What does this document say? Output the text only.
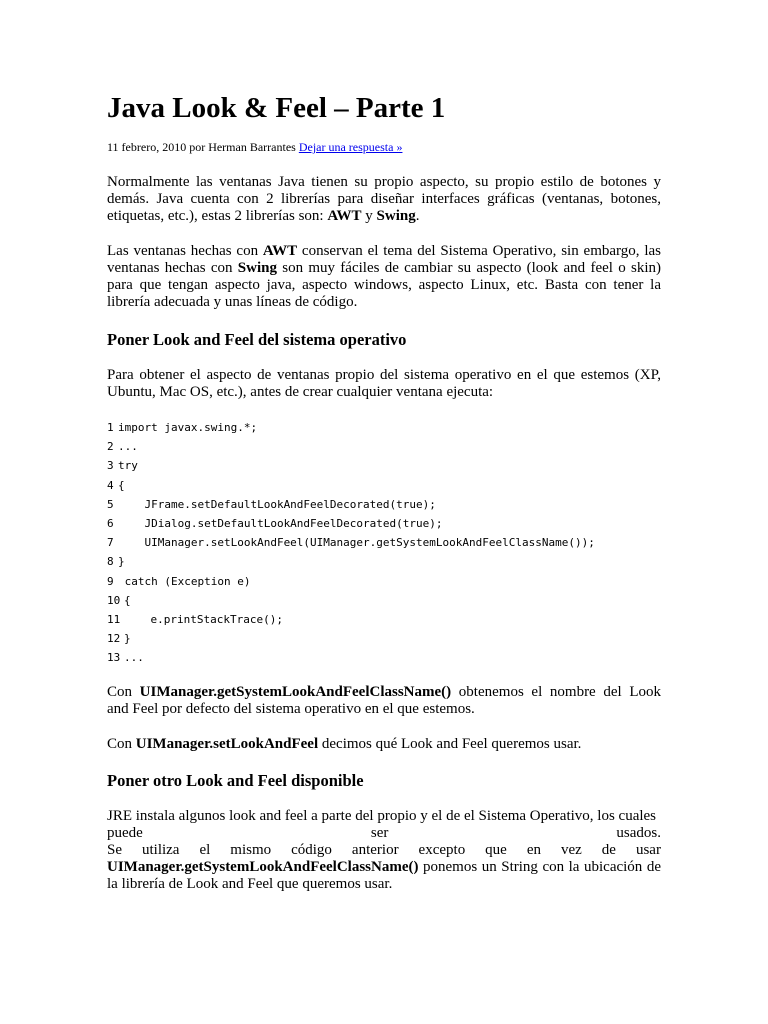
Java Look & Feel – Parte 1
11 febrero, 2010 por Herman Barrantes Dejar una respuesta »

Normalmente las ventanas Java tienen su propio aspecto, su propio estilo de botones y demás. Java cuenta con 2 librerías para diseñar interfaces gráficas (ventanas, botones, etiquetas, etc.), estas 2 librerías son: AWT y Swing.

Las ventanas hechas con AWT conservan el tema del Sistema Operativo, sin embargo, las ventanas hechas con Swing son muy fáciles de cambiar su aspecto (look and feel o skin) para que tengan aspecto java, aspecto windows, aspecto Linux, etc. Basta con tener la librería adecuada y unas líneas de código.

Poner Look and Feel del sistema operativo

Para obtener el aspecto de ventanas propio del sistema operativo en el que estemos (XP, Ubuntu, Mac OS, etc.), antes de crear cualquier ventana ejecuta:

1 import javax.swing.*;
2 ...
3 try
4 {
5 JFrame.setDefaultLookAndFeelDecorated(true);
6 JDialog.setDefaultLookAndFeelDecorated(true);
7 UIManager.setLookAndFeel(UIManager.getSystemLookAndFeelClassName());
8 }
9 catch (Exception e)
10 {
11 e.printStackTrace();
12 }
13 ...

Con UIManager.getSystemLookAndFeelClassName() obtenemos el nombre del Look and Feel por defecto del sistema operativo en el que estemos.

Con UIManager.setLookAndFeel decimos qué Look and Feel queremos usar.

Poner otro Look and Feel disponible
JRE instala algunos look and feel a parte del propio y el de el Sistema Operativo, los cuales
puede	ser	usados.
Se utiliza el mismo código anterior excepto que en vez de usar
UIManager.getSystemLookAndFeelClassName() ponemos un String con la ubicación de la librería de Look and Feel que queremos usar.
